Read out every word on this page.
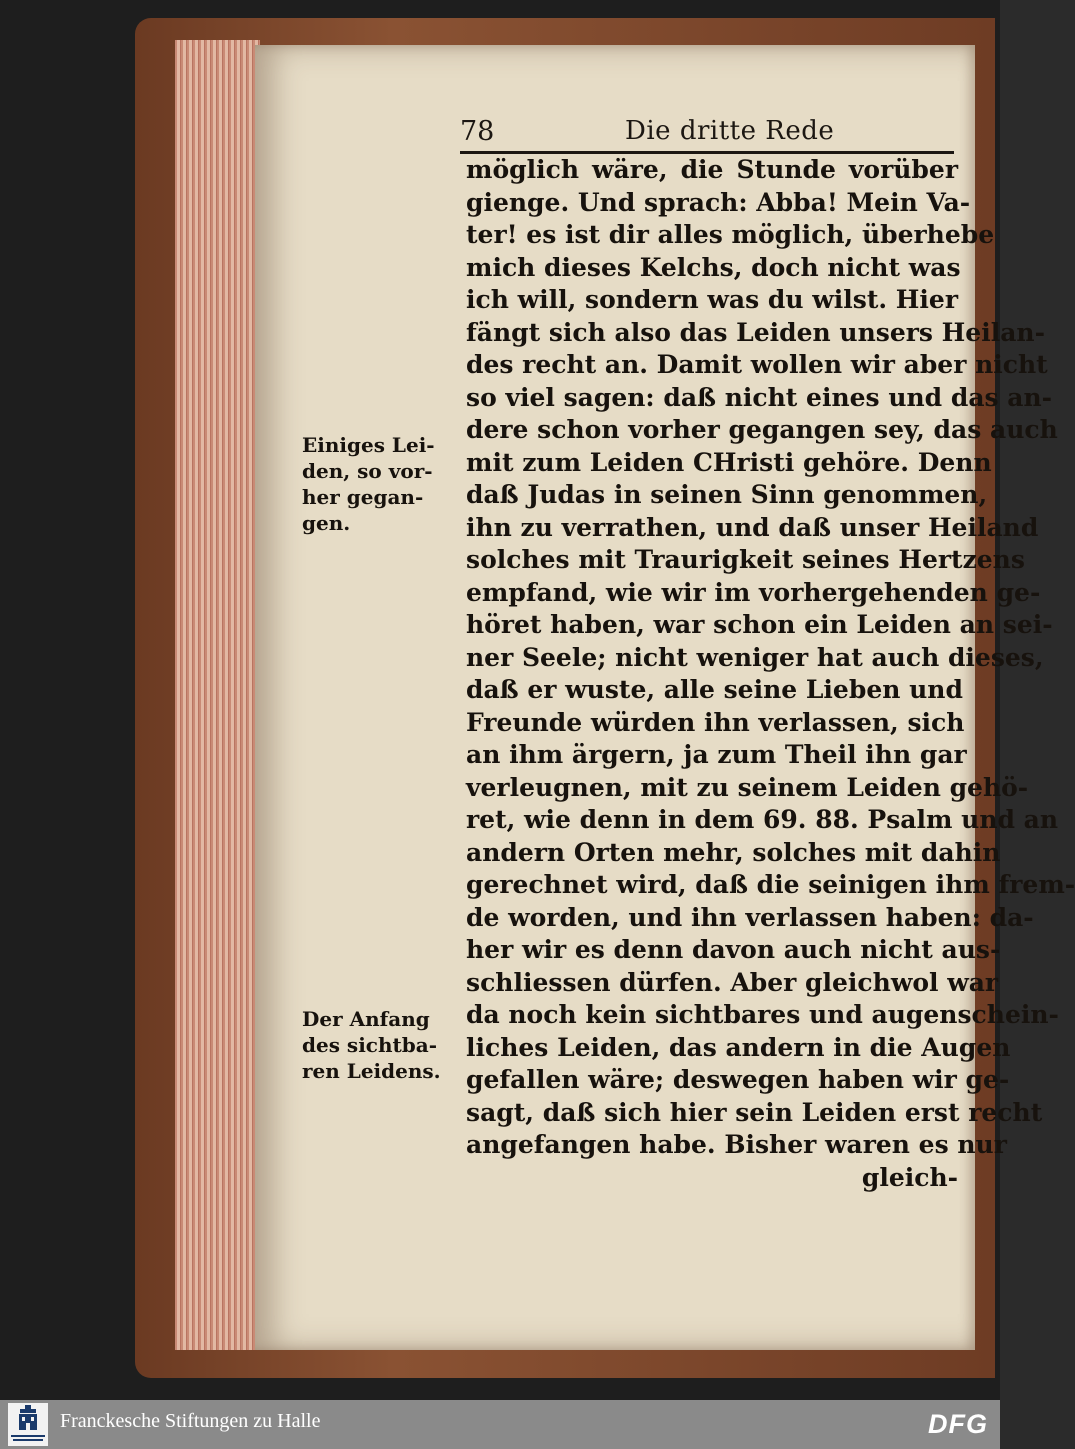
78	Die dritte Rede
möglich wäre, die Stunde vorüber
gienge. Und sprach: Abba! Mein Va-
ter! es ist dir alles möglich, überhebe
mich dieses Kelchs, doch nicht was
ich will, sondern was du wilst. Hier
fängt sich also das Leiden unsers Heilan-
des recht an. Damit wollen wir aber nicht
so viel sagen: daß nicht eines und das an-
dere schon vorher gegangen sey, das auch
mit zum Leiden CHristi gehöre. Denn
daß Judas in seinen Sinn genommen,
ihn zu verrathen, und daß unser Heiland
solches mit Traurigkeit seines Hertzens
empfand, wie wir im vorhergehenden ge-
höret haben, war schon ein Leiden an sei-
ner Seele; nicht weniger hat auch dieses,
daß er wuste, alle seine Lieben und
Freunde würden ihn verlassen, sich
an ihm ärgern, ja zum Theil ihn gar
verleugnen, mit zu seinem Leiden gehö-
ret, wie denn in dem 69. 88. Psalm und an
andern Orten mehr, solches mit dahin
gerechnet wird, daß die seinigen ihm frem-
de worden, und ihn verlassen haben: da-
her wir es denn davon auch nicht aus-
schliessen dürfen. Aber gleichwol war
da noch kein sichtbares und augenschein-
liches Leiden, das andern in die Augen
gefallen wäre; deswegen haben wir ge-
sagt, daß sich hier sein Leiden erst recht
angefangen habe. Bisher waren es nur
gleich-
Einiges Lei-
den, so vor-
her gegan-
gen.
Der Anfang
des sichtba-
ren Leidens.
Franckesche Stiftungen zu Halle	DFG
